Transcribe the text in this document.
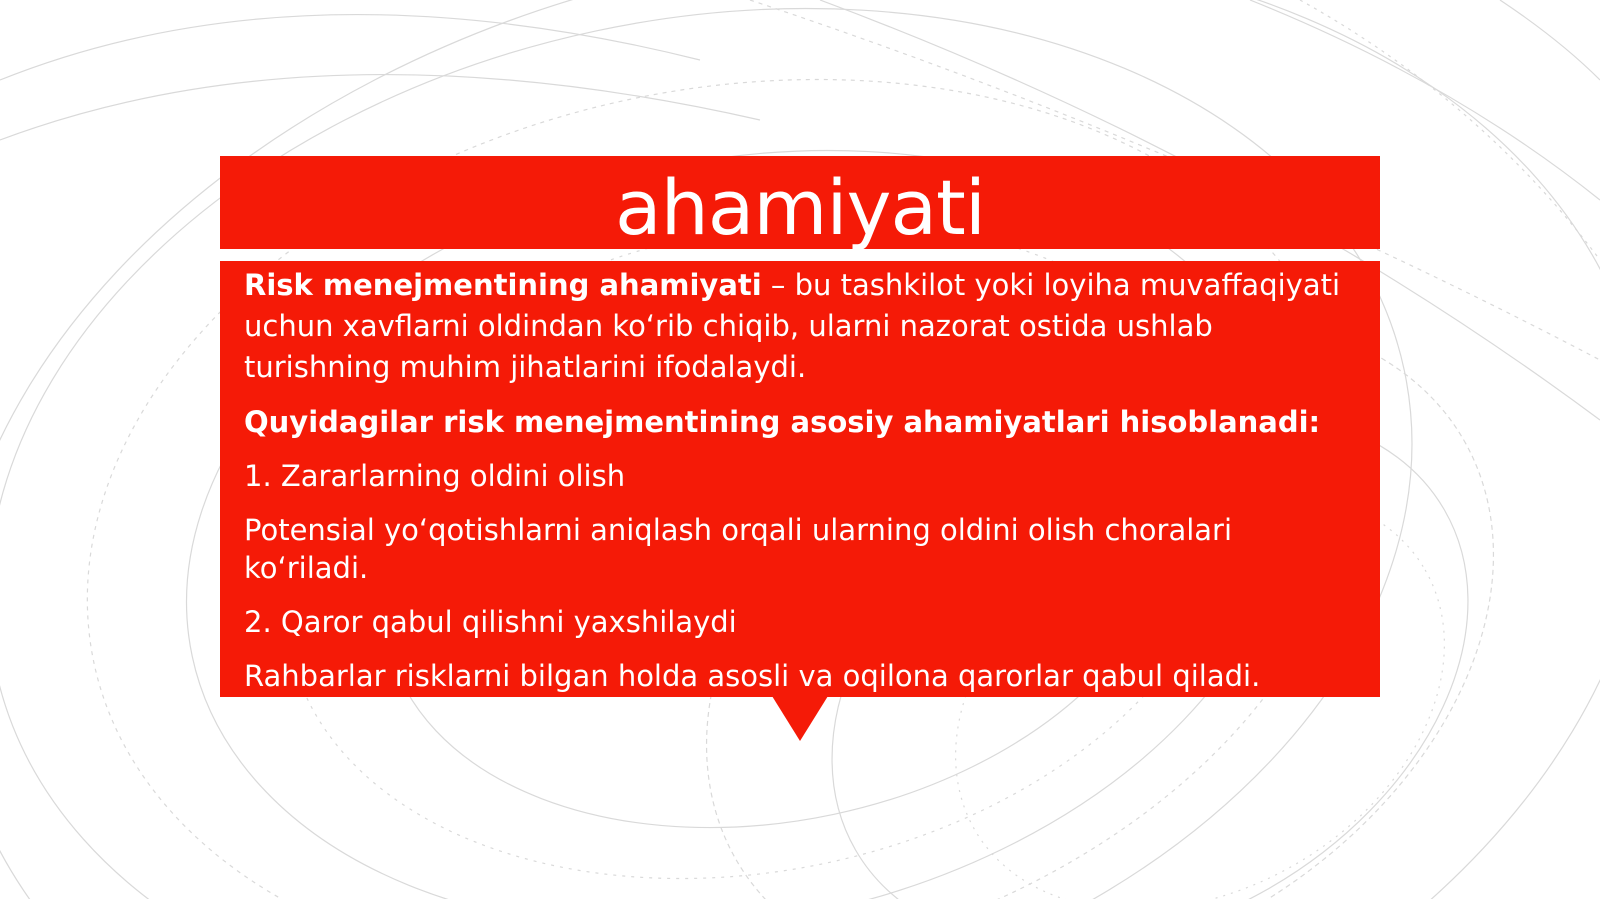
ahamiyati

Risk menejmentining ahamiyati – bu tashkilot yoki loyiha muvaffaqiyati uchun xavflarni oldindan ko‘rib chiqib, ularni nazorat ostida ushlab turishning muhim jihatlarini ifodalaydi.

Quyidagilar risk menejmentining asosiy ahamiyatlari hisoblanadi:

1. Zararlarning oldini olish

Potensial yo‘qotishlarni aniqlash orqali ularning oldini olish choralari ko‘riladi.

2. Qaror qabul qilishni yaxshilaydi

Rahbarlar risklarni bilgan holda asosli va oqilona qarorlar qabul qiladi.
